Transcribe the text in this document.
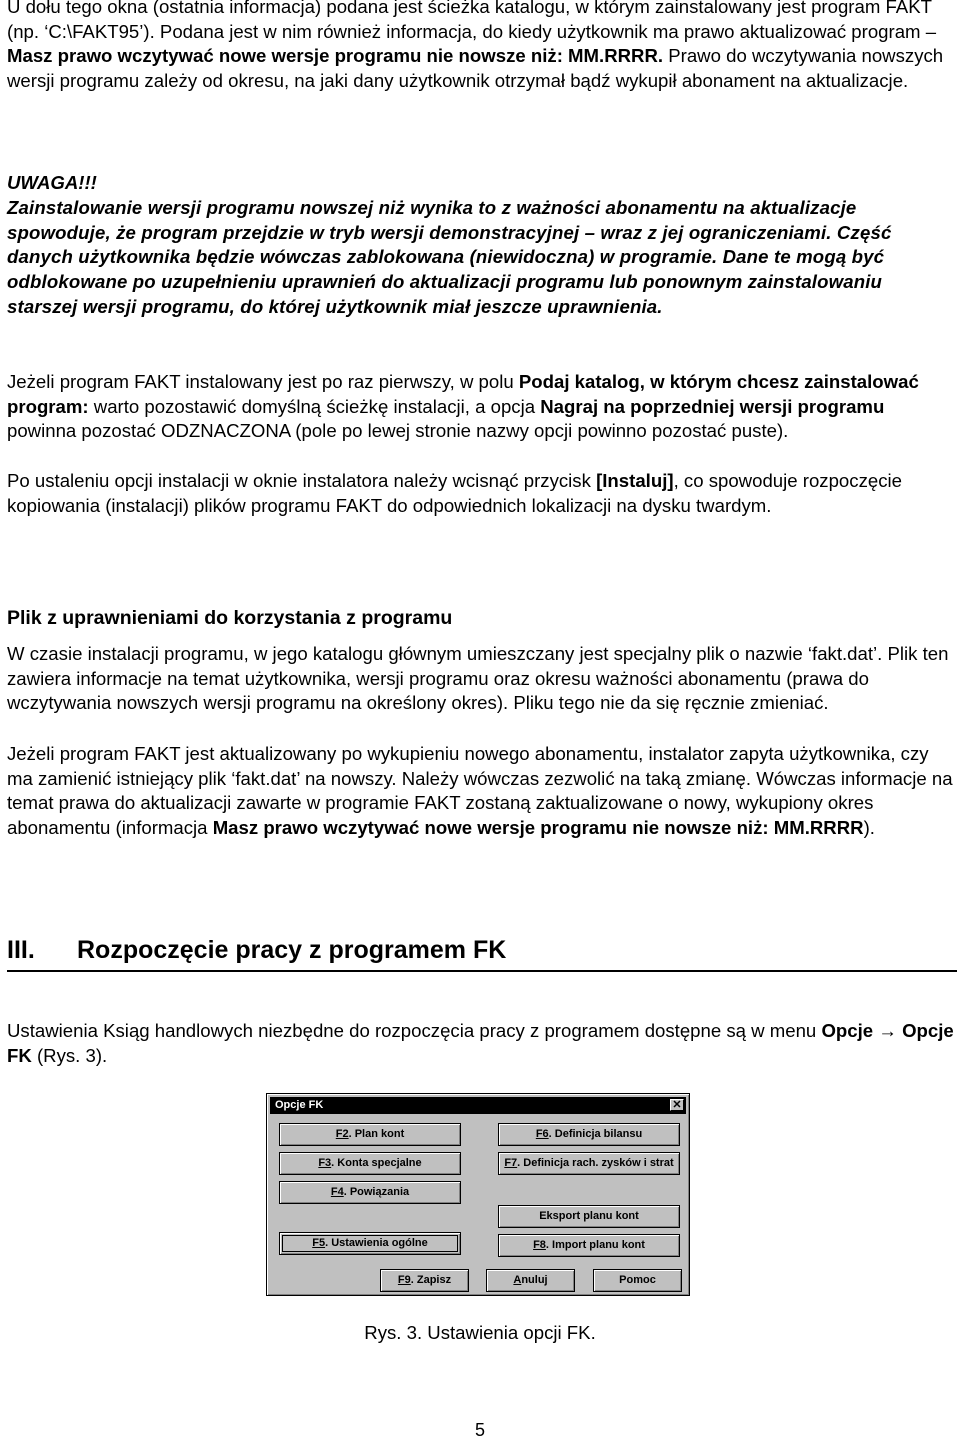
U dołu tego okna (ostatnia informacja) podana jest ścieżka katalogu, w którym zainstalowany jest program FAKT (np. ‘C:\FAKT95’). Podana jest w nim również informacja, do kiedy użytkownik ma prawo aktualizować program – Masz prawo wczytywać nowe wersje programu nie nowsze niż: MM.RRRR. Prawo do wczytywania nowszych wersji programu zależy od okresu, na jaki dany użytkownik otrzymał bądź wykupił abonament na aktualizacje.

UWAGA!!!

Zainstalowanie wersji programu nowszej niż wynika to z ważności abonamentu na aktualizacje spowoduje, że program przejdzie w tryb wersji demonstracyjnej – wraz z jej ograniczeniami. Część danych użytkownika będzie wówczas zablokowana (niewidoczna) w programie. Dane te mogą być odblokowane po uzupełnieniu uprawnień do aktualizacji programu lub ponownym zainstalowaniu starszej wersji programu, do której użytkownik miał jeszcze uprawnienia.

Jeżeli program FAKT instalowany jest po raz pierwszy, w polu Podaj katalog, w którym chcesz zainstalować program: warto pozostawić domyślną ścieżkę instalacji, a opcja Nagraj na poprzedniej wersji programu powinna pozostać ODZNACZONA (pole po lewej stronie nazwy opcji powinno pozostać puste).

Po ustaleniu opcji instalacji w oknie instalatora należy wcisnąć przycisk [Instaluj], co spowoduje rozpoczęcie kopiowania (instalacji) plików programu FAKT do odpowiednich lokalizacji na dysku twardym.

Plik z uprawnieniami do korzystania z programu

W czasie instalacji programu, w jego katalogu głównym umieszczany jest specjalny plik o nazwie ‘fakt.dat’. Plik ten zawiera informacje na temat użytkownika, wersji programu oraz okresu ważności abonamentu (prawa do wczytywania nowszych wersji programu na określony okres). Pliku tego nie da się ręcznie zmieniać.

Jeżeli program FAKT jest aktualizowany po wykupieniu nowego abonamentu, instalator zapyta użytkownika, czy ma zamienić istniejący plik ‘fakt.dat’ na nowszy. Należy wówczas zezwolić na taką zmianę. Wówczas informacje na temat prawa do aktualizacji zawarte w programie FAKT zostaną zaktualizowane o nowy, wykupiony okres abonamentu (informacja Masz prawo wczytywać nowe wersje programu nie nowsze niż: MM.RRRR).

III. Rozpoczęcie pracy z programem FK

Ustawienia Ksiąg handlowych niezbędne do rozpoczęcia pracy z programem dostępne są w menu Opcje → Opcje FK (Rys. 3).

Opcje FK	✕
F2. Plan kont	F6. Definicja bilansu
F3. Konta specjalne	F7. Definicja rach. zysków i strat
F4. Powiązania
Eksport planu kont
F5. Ustawienia ogólne	F8. Import planu kont
F9. Zapisz	Anuluj	Pomoc
Rys. 3. Ustawienia opcji FK.
5
